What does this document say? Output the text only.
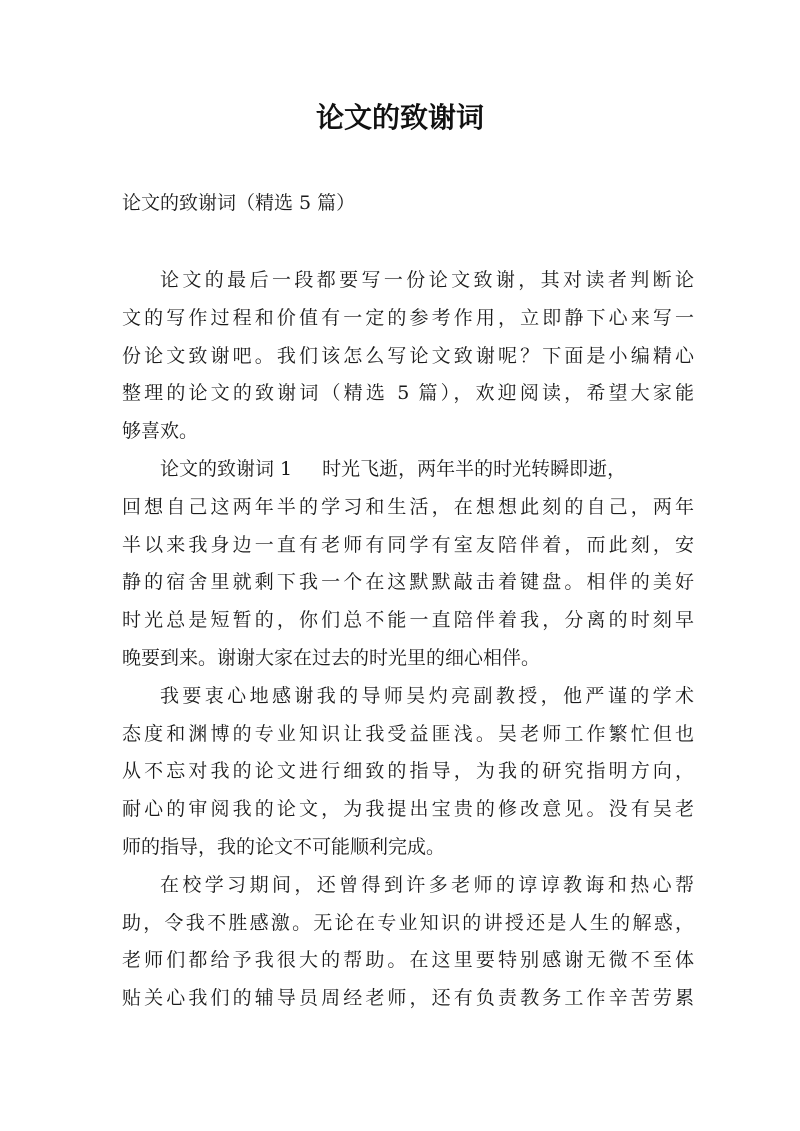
论文的致谢词

论文的致谢词（精选 5 篇）

论文的最后一段都要写一份论文致谢，其对读者判断论
文的写作过程和价值有一定的参考作用，立即静下心来写一
份论文致谢吧。我们该怎么写论文致谢呢？下面是小编精心
整理的论文的致谢词（精选 5 篇），欢迎阅读，希望大家能
够喜欢。

论文的致谢词 1 时光飞逝，两年半的时光转瞬即逝，
回想自己这两年半的学习和生活，在想想此刻的自己，两年
半以来我身边一直有老师有同学有室友陪伴着，而此刻，安
静的宿舍里就剩下我一个在这默默敲击着键盘。相伴的美好
时光总是短暂的，你们总不能一直陪伴着我，分离的时刻早
晚要到来。谢谢大家在过去的时光里的细心相伴。

我要衷心地感谢我的导师吴灼亮副教授，他严谨的学术
态度和渊博的专业知识让我受益匪浅。吴老师工作繁忙但也
从不忘对我的论文进行细致的指导，为我的研究指明方向，
耐心的审阅我的论文，为我提出宝贵的修改意见。没有吴老
师的指导，我的论文不可能顺利完成。

在校学习期间，还曾得到许多老师的谆谆教诲和热心帮
助，令我不胜感激。无论在专业知识的讲授还是人生的解惑，
老师们都给予我很大的帮助。在这里要特别感谢无微不至体
贴关心我们的辅导员周经老师，还有负责教务工作辛苦劳累
